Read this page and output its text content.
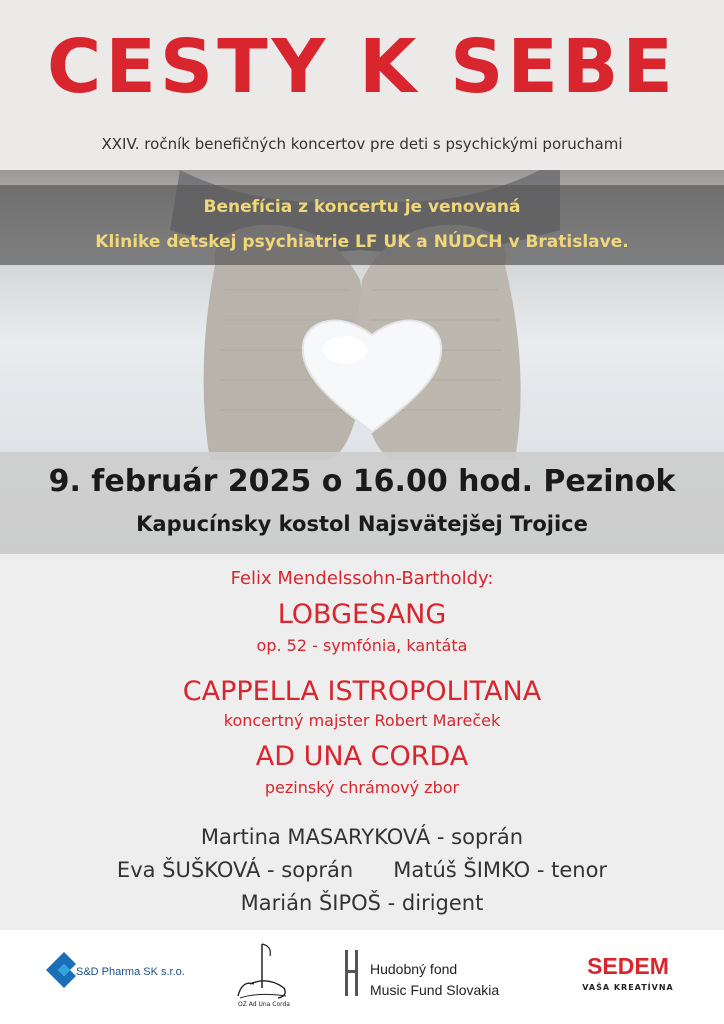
CESTY K SEBE
XXIV. ročník benefičných koncertov pre deti s psychickými poruchami
Benefícia z koncertu je venovaná
Klinike detskej psychiatrie LF UK a NÚDCH v Bratislave.
9. február 2025 o 16.00 hod. Pezinok
Kapucínsky kostol Najsvätejšej Trojice
Felix Mendelssohn-Bartholdy:
LOBGESANG
op. 52 - symfónia, kantáta
CAPPELLA ISTROPOLITANA
koncertný majster Robert Mareček
AD UNA CORDA
pezinský chrámový zbor
Martina MASARYKOVÁ - soprán
Eva ŠUŠKOVÁ - soprán Matúš ŠIMKO - tenor
Marián ŠIPOŠ - dirigent
S&D Pharma SK s.r.o.
OZ Ad Una Corda
Hudobný fond
Music Fund Slovakia
SEDEM
VAŠA KREATÍVNA
